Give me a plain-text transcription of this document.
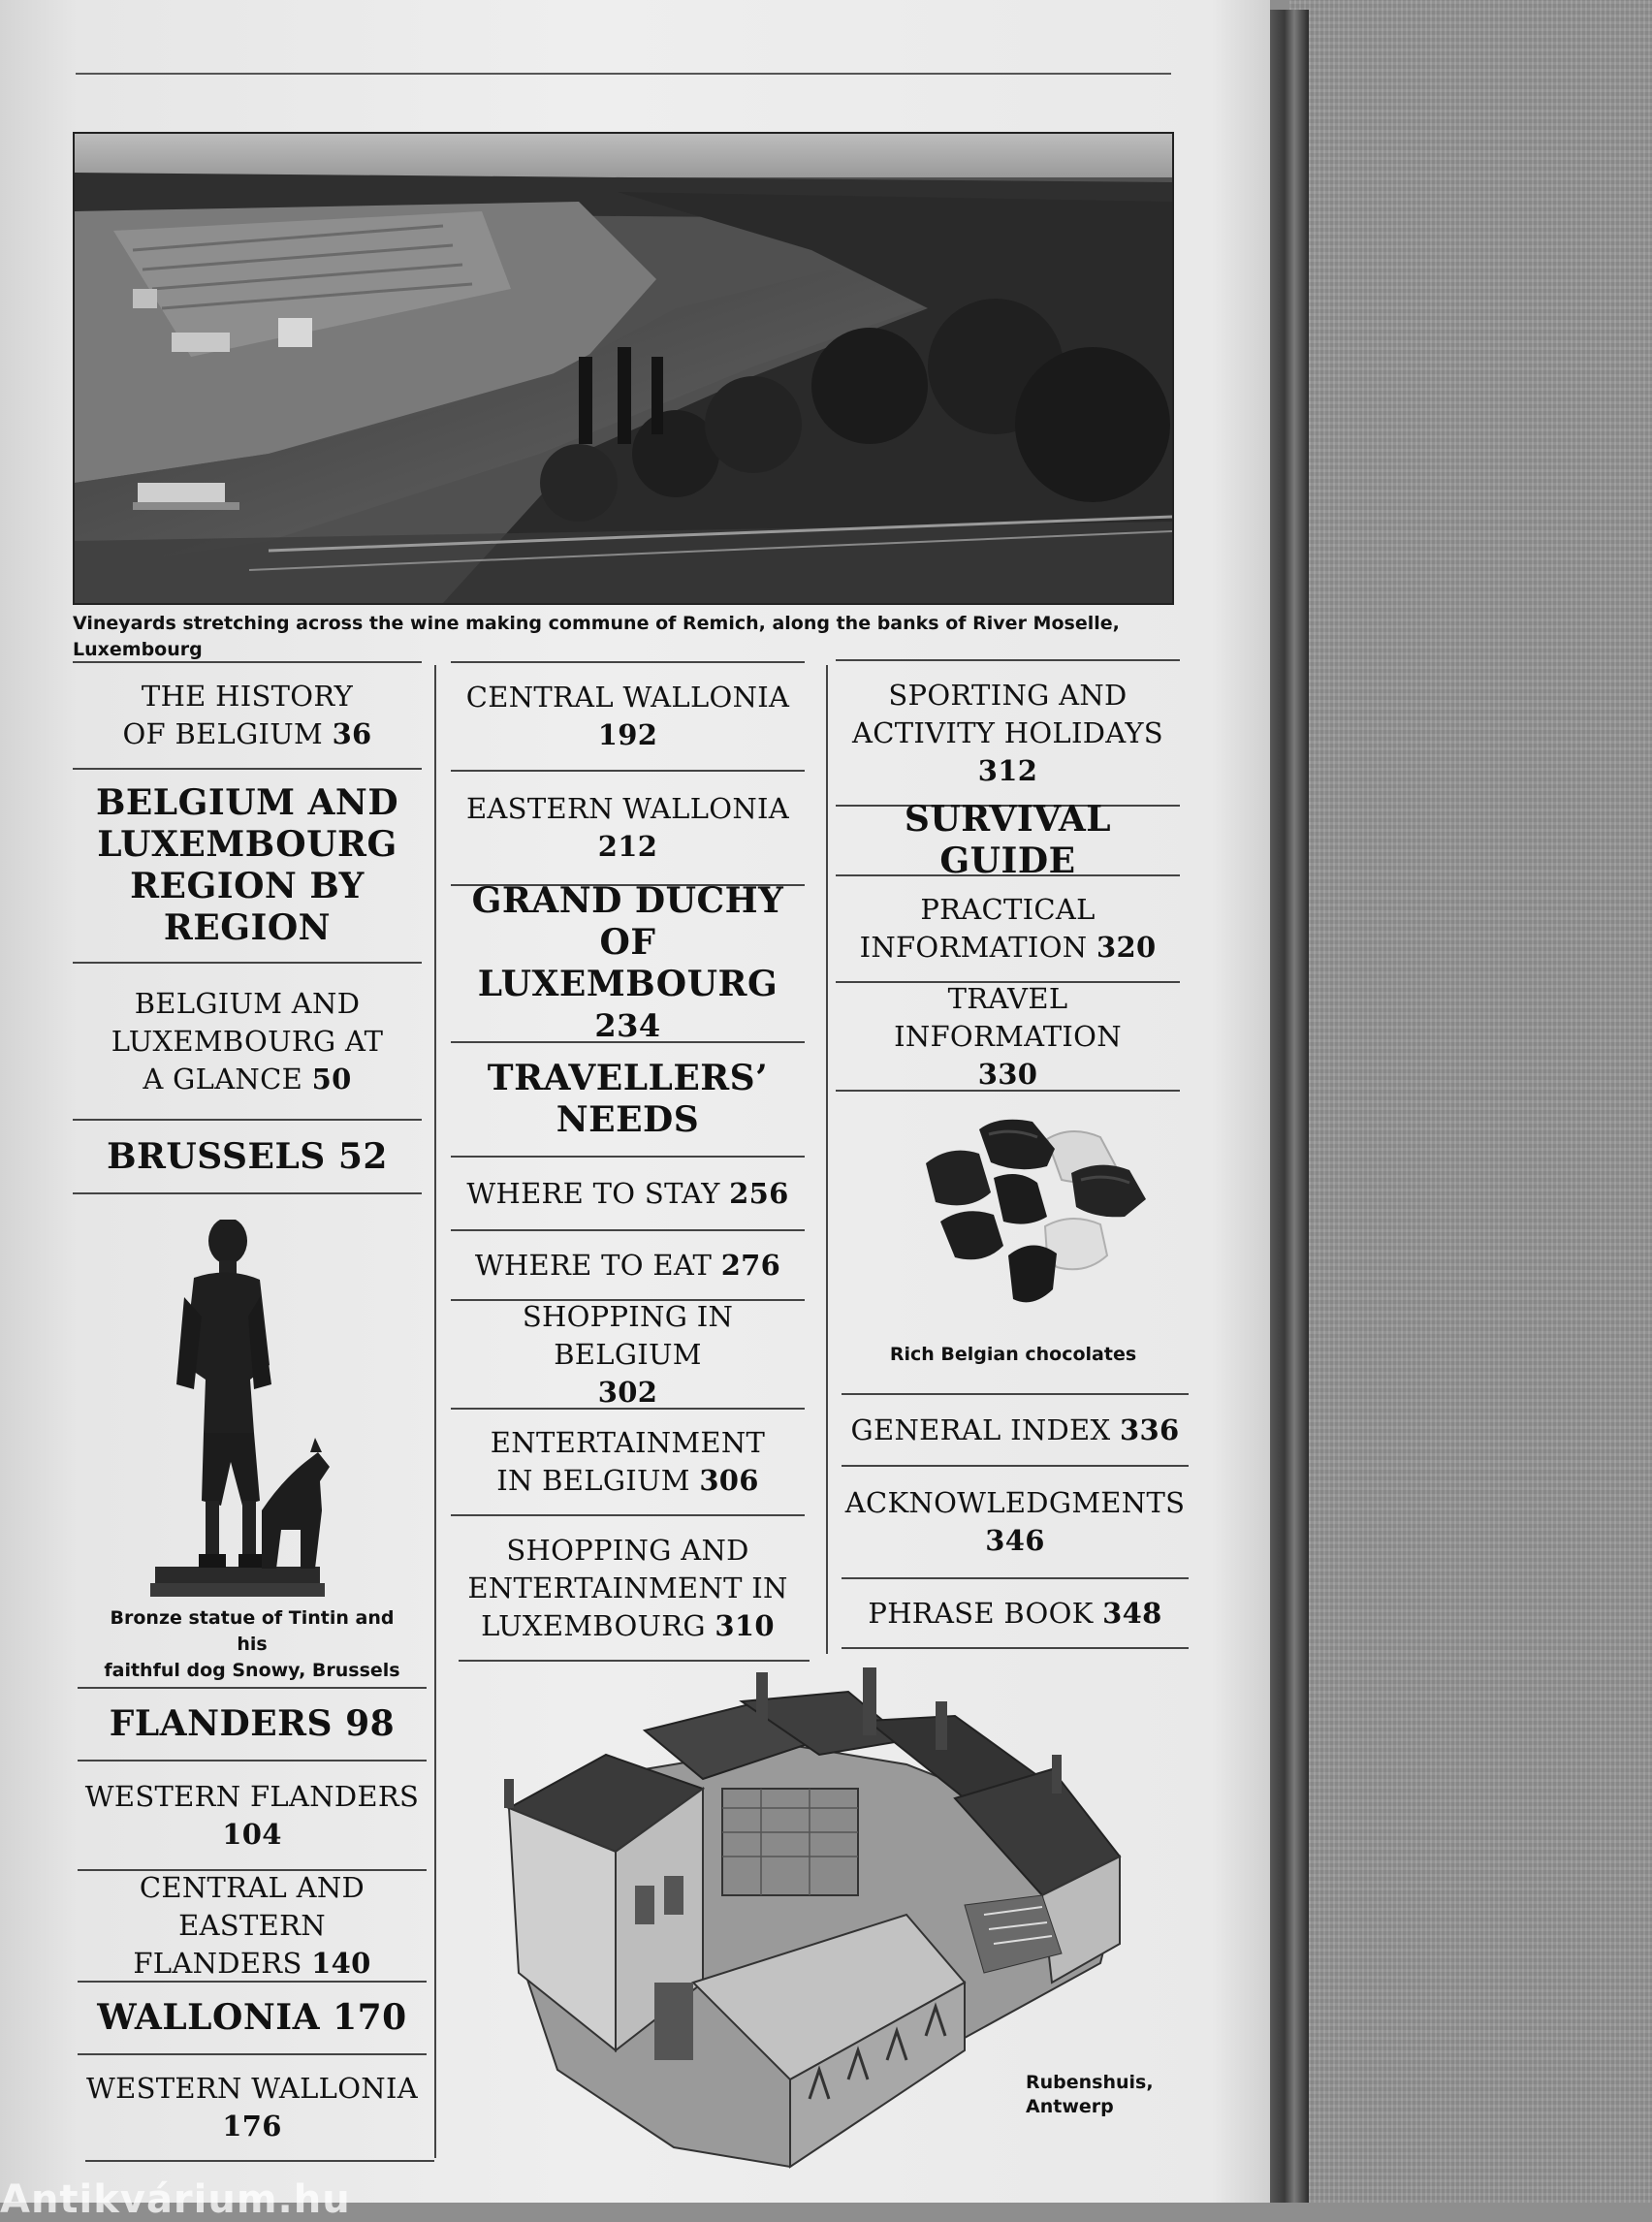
Vineyards stretching across the wine making commune of Remich, along the banks of River Moselle, Luxembourg
THE HISTORY
OF BELGIUM 36
BELGIUM AND
LUXEMBOURG
REGION BY
REGION
BELGIUM AND
LUXEMBOURG AT
A GLANCE 50
BRUSSELS 52
Bronze statue of Tintin and his
faithful dog Snowy, Brussels
FLANDERS 98
WESTERN FLANDERS
104
CENTRAL AND EASTERN
FLANDERS 140
WALLONIA 170
WESTERN WALLONIA
176
CENTRAL WALLONIA
192
EASTERN WALLONIA
212
GRAND DUCHY
OF LUXEMBOURG
234
TRAVELLERS’
NEEDS
WHERE TO STAY 256
WHERE TO EAT 276
SHOPPING IN BELGIUM
302
ENTERTAINMENT
IN BELGIUM 306
SHOPPING AND
ENTERTAINMENT IN
LUXEMBOURG 310
SPORTING AND
ACTIVITY HOLIDAYS
312
SURVIVAL GUIDE
PRACTICAL
INFORMATION 320
TRAVEL INFORMATION
330
Rich Belgian chocolates
GENERAL INDEX 336
ACKNOWLEDGMENTS
346
PHRASE BOOK 348
Rubenshuis,
Antwerp
Antikvárium.hu
